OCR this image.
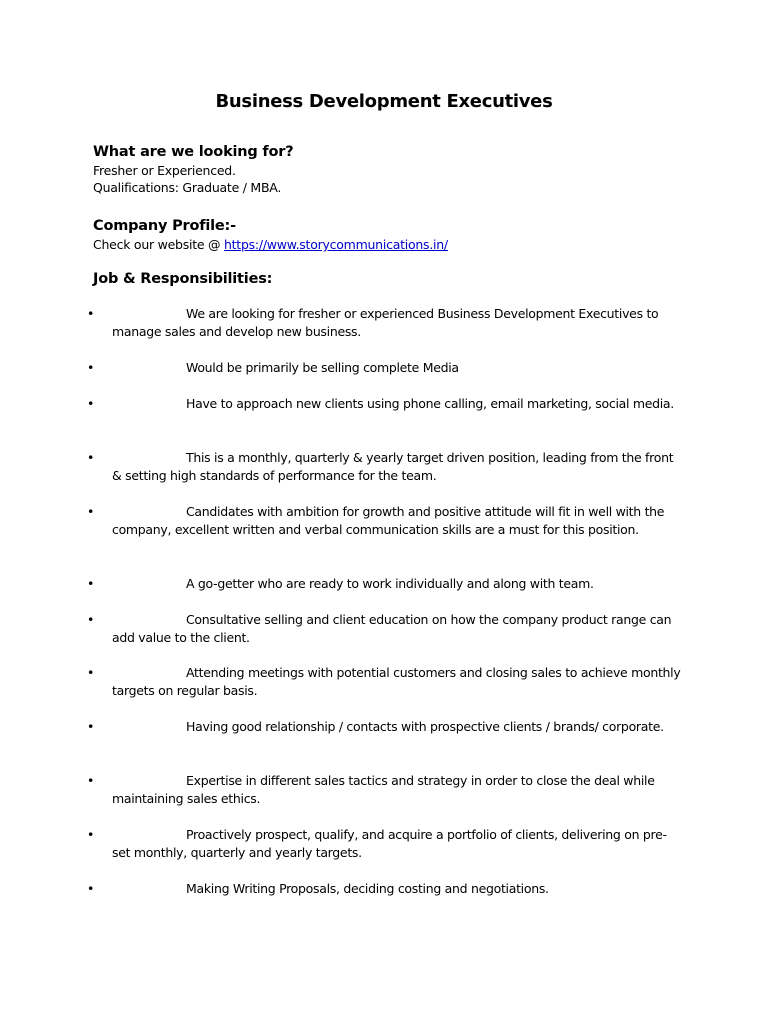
Business Development Executives
What are we looking for?
Fresher or Experienced.
Qualifications: Graduate / MBA.
Company Profile:-
Check our website @ https://www.storycommunications.in/
Job & Responsibilities:
•	We are looking for fresher or experienced Business Development Executives to manage sales and develop new business.
•	Would be primarily be selling complete Media
•	Have to approach new clients using phone calling, email marketing, social media.
•	This is a monthly, quarterly & yearly target driven position, leading from the front & setting high standards of performance for the team.
•	Candidates with ambition for growth and positive attitude will fit in well with the company, excellent written and verbal communication skills are a must for this position.
•	A go-getter who are ready to work individually and along with team.
•	Consultative selling and client education on how the company product range can add value to the client.
•	Attending meetings with potential customers and closing sales to achieve monthly targets on regular basis.
•	Having good relationship / contacts with prospective clients / brands/ corporate.
•	Expertise in different sales tactics and strategy in order to close the deal while maintaining sales ethics.
•	Proactively prospect, qualify, and acquire a portfolio of clients, delivering on pre-set monthly, quarterly and yearly targets.
•	Making Writing Proposals, deciding costing and negotiations.
